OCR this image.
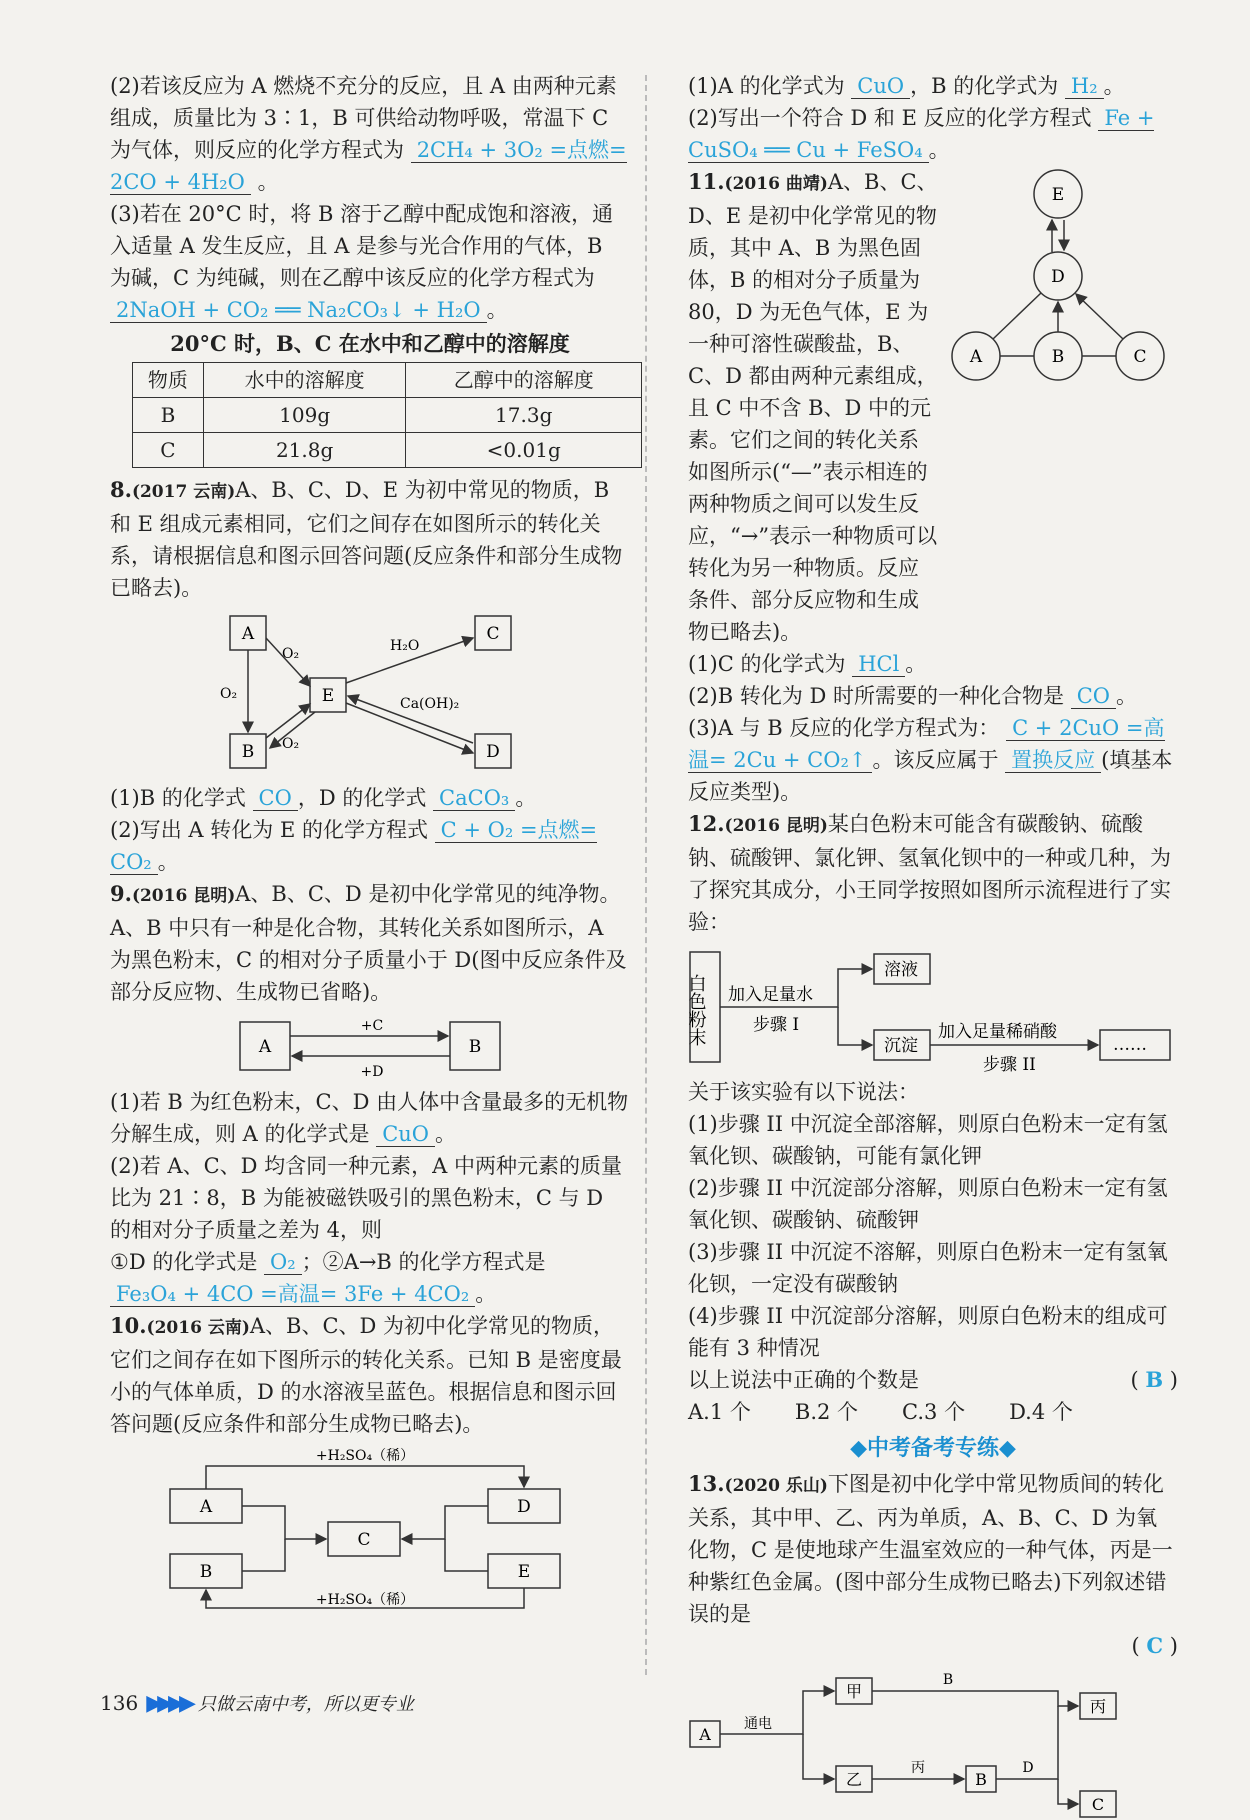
(2)若该反应为 A 燃烧不充分的反应，且 A 由两种元素组成，质量比为 3∶1，B 可供给动物呼吸，常温下 C 为气体，则反应的化学方程式为 2CH₄ + 3O₂ =点燃= 2CO + 4H₂O 。

(3)若在 20°C 时，将 B 溶于乙醇中配成饱和溶液，通入适量 A 发生反应，且 A 是参与光合作用的气体，B 为碱，C 为纯碱，则在乙醇中该反应的化学方程式为 2NaOH + CO₂ ══ Na₂CO₃↓ + H₂O 。

20°C 时，B、C 在水中和乙醇中的溶解度
物质	水中的溶解度	乙醇中的溶解度
B	109g	17.3g
C	21.8g	<0.01g

8.(2017 云南)A、B、C、D、E 为初中常见的物质，B 和 E 组成元素相同，它们之间存在如图所示的转化关系，请根据信息和图示回答问题(反应条件和部分生成物已略去)。

A
B
E
C
D
O₂
O₂
O₂
H₂O
Ca(OH)₂

(1)B 的化学式 CO ，D 的化学式 CaCO₃ 。

(2)写出 A 转化为 E 的化学方程式 C + O₂ =点燃= CO₂ 。

9.(2016 昆明)A、B、C、D 是初中化学常见的纯净物。A、B 中只有一种是化合物，其转化关系如图所示，A 为黑色粉末，C 的相对分子质量小于 D(图中反应条件及部分反应物、生成物已省略)。

A	B
+C
+D

(1)若 B 为红色粉末，C、D 由人体中含量最多的无机物分解生成，则 A 的化学式是 CuO 。

(2)若 A、C、D 均含同一种元素，A 中两种元素的质量比为 21∶8，B 为能被磁铁吸引的黑色粉末，C 与 D 的相对分子质量之差为 4，则

①D 的化学式是 O₂ ；②A→B 的化学方程式是

Fe₃O₄ + 4CO =高温= 3Fe + 4CO₂ 。

10.(2016 云南)A、B、C、D 为初中化学常见的物质，它们之间存在如下图所示的转化关系。已知 B 是密度最小的气体单质，D 的水溶液呈蓝色。根据信息和图示回答问题(反应条件和部分生成物已略去)。

A
B
C
D
E
+H₂SO₄（稀）
+H₂SO₄（稀）

(1)A 的化学式为 CuO ，B 的化学式为 H₂ 。

(2)写出一个符合 D 和 E 反应的化学方程式 Fe + CuSO₄ ══ Cu + FeSO₄ 。

11.(2016 曲靖)A、B、C、D、E 是初中化学常见的物质，其中 A、B 为黑色固体，B 的相对分子质量为 80，D 为无色气体，E 为一种可溶性碳酸盐，B、C、D 都由两种元素组成，且 C 中不含 B、D 中的元素。它们之间的转化关系如图所示(“—”表示相连的两种物质之间可以发生反应，“→”表示一种物质可以转化为另一种物质。反应条件、部分反应物和生成物已略去)。

E
D
A	B	C

(1)C 的化学式为 HCl 。

(2)B 转化为 D 时所需要的一种化合物是 CO 。

(3)A 与 B 反应的化学方程式为： C + 2CuO =高温= 2Cu + CO₂↑ 。该反应属于 置换反应 (填基本反应类型)。

12.(2016 昆明)某白色粉末可能含有碳酸钠、硫酸钠、硫酸钾、氯化钾、氢氧化钡中的一种或几种，为了探究其成分，小王同学按照如图所示流程进行了实验：

白色粉末 加入足量水
步骤 I
溶液
沉淀
加入足量稀硝酸
步骤 II
……

关于该实验有以下说法：

(1)步骤 II 中沉淀全部溶解，则原白色粉末一定有氢氧化钡、碳酸钠，可能有氯化钾

(2)步骤 II 中沉淀部分溶解，则原白色粉末一定有氢氧化钡、碳酸钠、硫酸钾

(3)步骤 II 中沉淀不溶解，则原白色粉末一定有氢氧化钡，一定没有碳酸钠

(4)步骤 II 中沉淀部分溶解，则原白色粉末的组成可能有 3 种情况

以上说法中正确的个数是	( B )

A.1 个 B.2 个 C.3 个 D.4 个

◆中考备考专练◆

13.(2020 乐山)下图是初中化学中常见物质间的转化关系，其中甲、乙、丙为单质，A、B、C、D 为氧化物，C 是使地球产生温室效应的一种气体，丙是一种紫红色金属。(图中部分生成物已略去)下列叙述错误的是

( C )

A
甲
乙	B
丙
C
通电
B
丙	D
136 ▶▶▶▶ 只做云南中考，所以更专业
